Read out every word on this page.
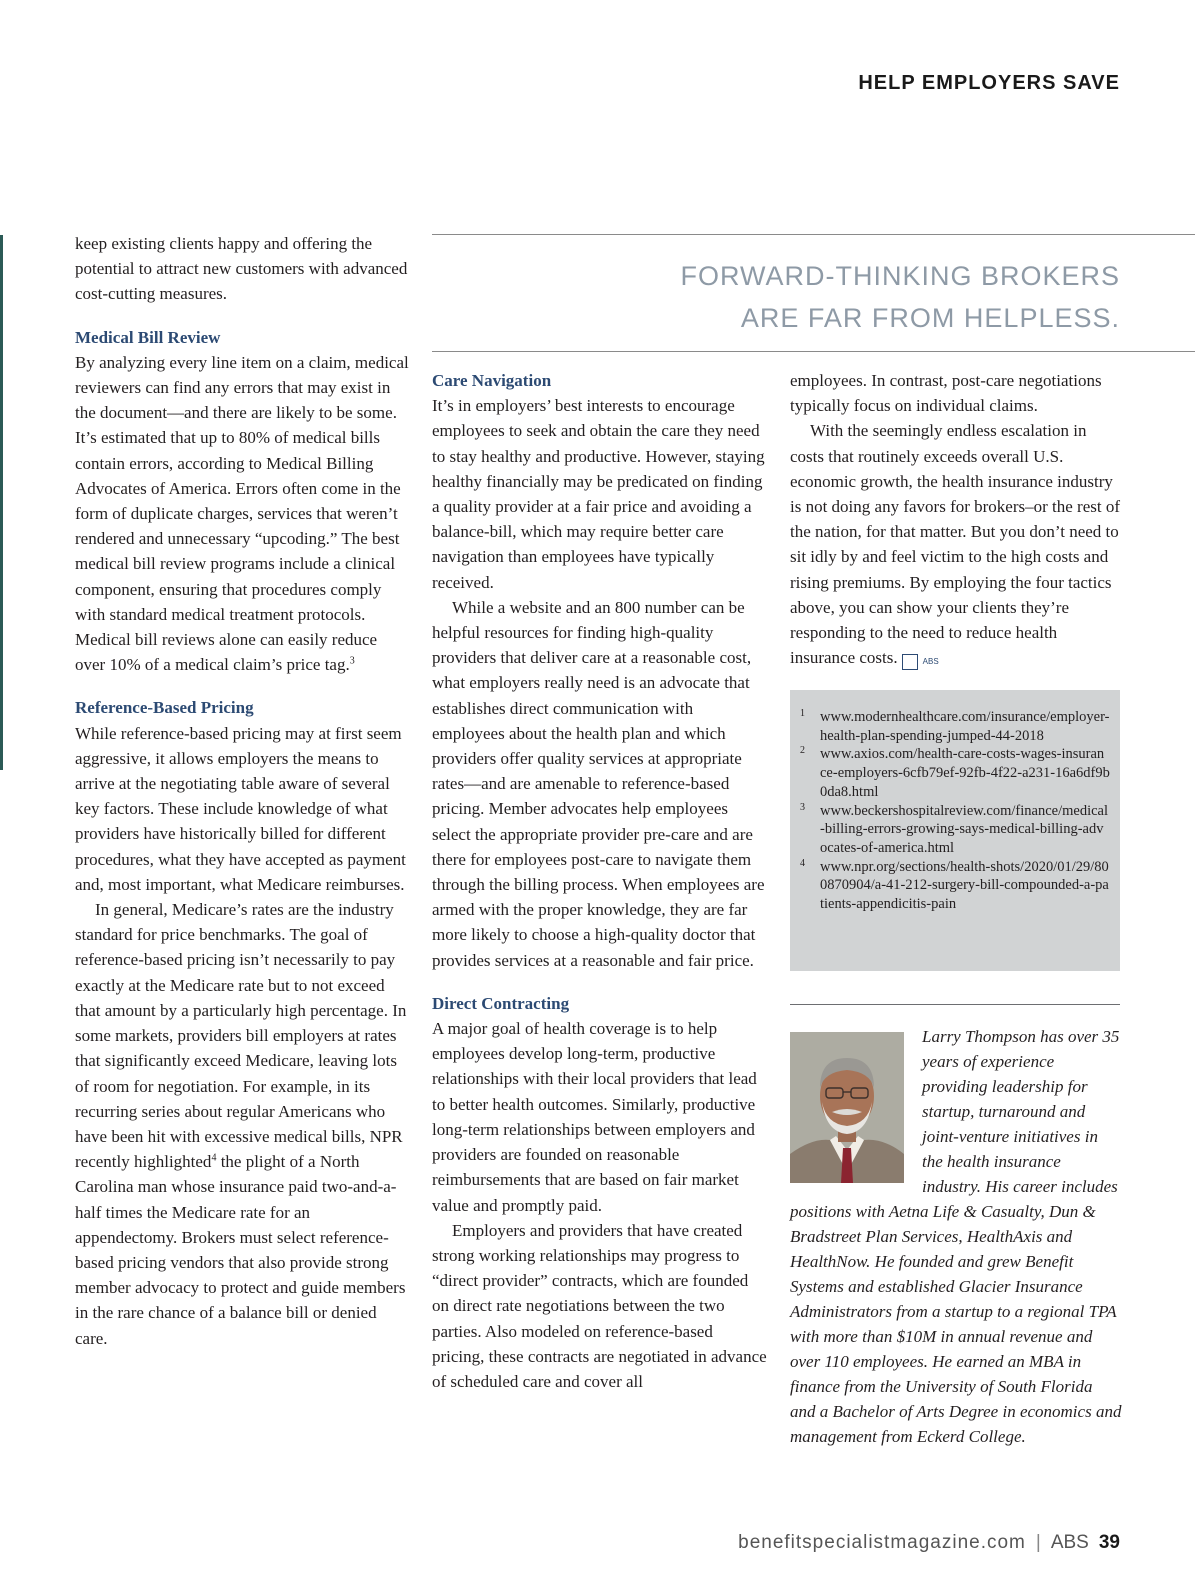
HELP EMPLOYERS SAVE

keep existing clients happy and offering the potential to attract new customers with advanced cost-cutting measures.

Medical Bill Review

By analyzing every line item on a claim, medical reviewers can find any errors that may exist in the document—and there are likely to be some. It’s estimated that up to 80% of medical bills contain errors, according to Medical Billing Advocates of America. Errors often come in the form of duplicate charges, services that weren’t rendered and unnecessary “upcoding.” The best medical bill review programs include a clinical component, ensuring that procedures comply with standard medical treatment protocols. Medical bill reviews alone can easily reduce over 10% of a medical claim’s price tag.$^3$

Reference-Based Pricing

While reference-based pricing may at first seem aggressive, it allows employers the means to arrive at the negotiating table aware of several key factors. These include knowledge of what providers have historically billed for different procedures, what they have accepted as payment and, most important, what Medicare reimburses.

In general, Medicare’s rates are the industry standard for price benchmarks. The goal of reference-based pricing isn’t necessarily to pay exactly at the Medicare rate but to not exceed that amount by a particularly high percentage. In some markets, providers bill employers at rates that significantly exceed Medicare, leaving lots of room for negotiation. For example, in its recurring series about regular Americans who have been hit with excessive medical bills, NPR recently highlighted$^4$ the plight of a North Carolina man whose insurance paid two-and-a-half times the Medicare rate for an appendectomy. Brokers must select reference-based pricing vendors that also provide strong member advocacy to protect and guide members in the rare chance of a balance bill or denied care.

FORWARD-THINKING BROKERS
ARE FAR FROM HELPLESS.
Care Navigation

It’s in employers’ best interests to encourage employees to seek and obtain the care they need to stay healthy and productive. However, staying healthy financially may be predicated on finding a quality provider at a fair price and avoiding a balance-bill, which may require better care navigation than employees have typically received.

While a website and an 800 number can be helpful resources for finding high-quality providers that deliver care at a reasonable cost, what employers really need is an advocate that establishes direct communication with employees about the health plan and which providers offer quality services at appropriate rates—and are amenable to reference-based pricing. Member advocates help employees select the appropriate provider pre-care and are there for employees post-care to navigate them through the billing process. When employees are armed with the proper knowledge, they are far more likely to choose a high-quality doctor that provides services at a reasonable and fair price.

Direct Contracting

A major goal of health coverage is to help employees develop long-term, productive relationships with their local providers that lead to better health outcomes. Similarly, productive long-term relationships between employers and providers are founded on reasonable reimbursements that are based on fair market value and promptly paid.

Employers and providers that have created strong working relationships may progress to “direct provider” contracts, which are founded on direct rate negotiations between the two parties. Also modeled on reference-based pricing, these contracts are negotiated in advance of scheduled care and cover all

employees. In contrast, post-care negotiations typically focus on individual claims.

With the seemingly endless escalation in costs that routinely exceeds overall U.S. economic growth, the health insurance industry is not doing any favors for brokers–or the rest of the nation, for that matter. But you don’t need to sit idly by and feel victim to the high costs and rising premiums. By employing the four tactics above, you can show your clients they’re responding to the need to reduce health insurance costs.	ABS

1 www.modernhealthcare.com/insurance/employer-health-plan-spending-jumped-44-2018
2 www.axios.com/health-care-costs-wages-insurance-employers-6cfb79ef-92fb-4f22-a231-16a6df9b0da8.html
3 www.beckershospitalreview.com/finance/medical-billing-errors-growing-says-medical-billing-advocates-of-america.html
4 www.npr.org/sections/health-shots/2020/01/29/800870904/a-41-212-surgery-bill-compounded-a-patients-appendicitis-pain
Larry Thompson has over 35 years of experience providing leadership for startup, turnaround and joint-venture initiatives in the health insurance industry. His career includes positions with Aetna Life & Casualty, Dun & Bradstreet Plan Services, HealthAxis and HealthNow. He founded and grew Benefit Systems and established Glacier Insurance Administrators from a startup to a regional TPA with more than $10M in annual revenue and over 110 employees. He earned an MBA in finance from the University of South Florida and a Bachelor of Arts Degree in economics and management from Eckerd College.
benefitspecialistmagazine.com | ABS 39
